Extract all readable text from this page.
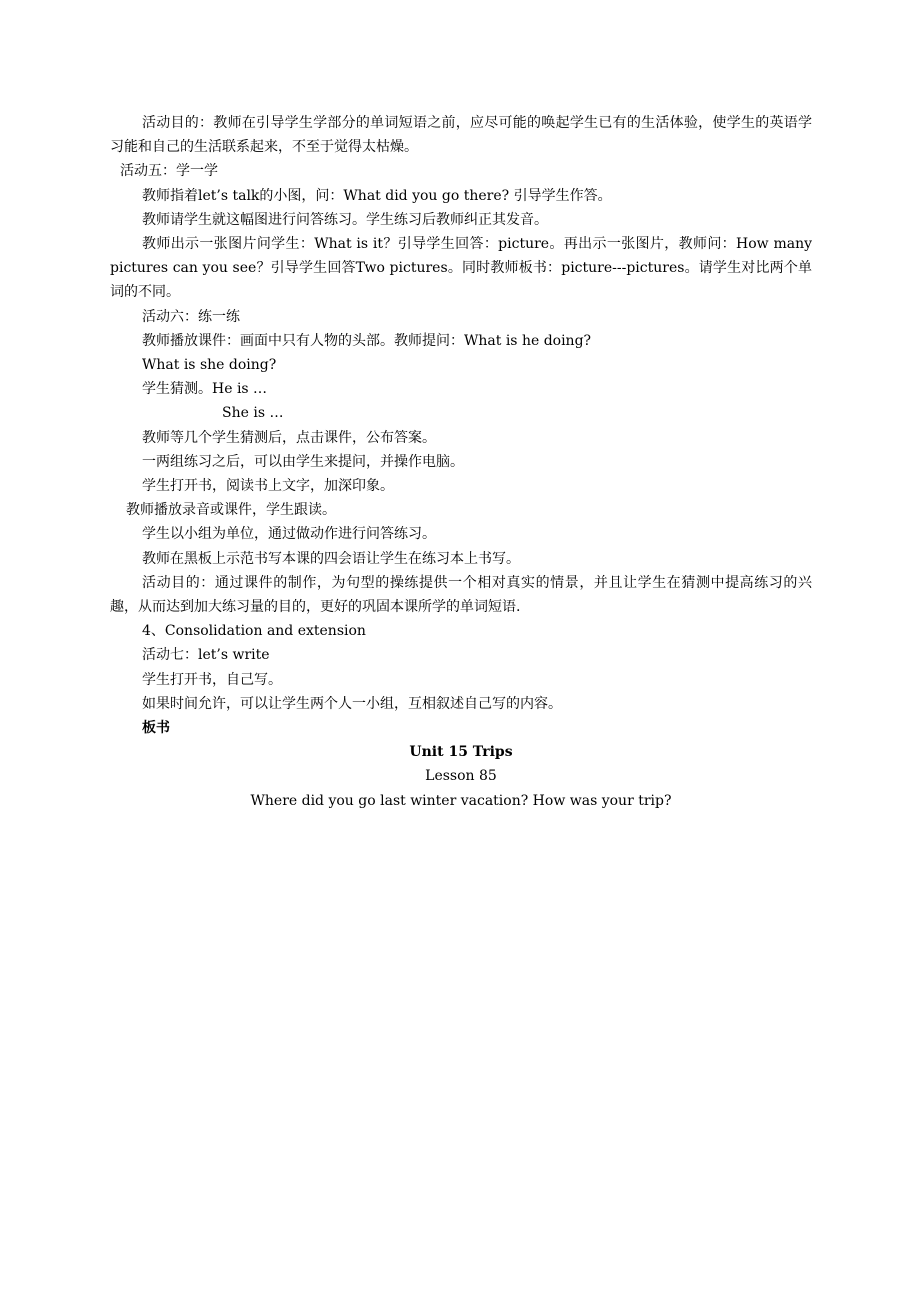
活动目的：教师在引导学生学部分的单词短语之前，应尽可能的唤起学生已有的生活体验，使学生的英语学习能和自己的生活联系起来，不至于觉得太枯燥。

活动五：学一学

教师指着let’s talk的小图，问：What did you go there? 引导学生作答。

教师请学生就这幅图进行问答练习。学生练习后教师纠正其发音。

教师出示一张图片问学生：What is it？引导学生回答：picture。再出示一张图片，教师问：How many pictures can you see？引导学生回答Two pictures。同时教师板书：picture---pictures。请学生对比两个单词的不同。

活动六：练一练

教师播放课件：画面中只有人物的头部。教师提问：What is he doing?

What is she doing?

学生猜测。He is …

She is …

教师等几个学生猜测后，点击课件，公布答案。

一两组练习之后，可以由学生来提问，并操作电脑。

学生打开书，阅读书上文字，加深印象。

教师播放录音或课件，学生跟读。

学生以小组为单位，通过做动作进行问答练习。

教师在黑板上示范书写本课的四会语让学生在练习本上书写。

活动目的：通过课件的制作，为句型的操练提供一个相对真实的情景，并且让学生在猜测中提高练习的兴趣，从而达到加大练习量的目的，更好的巩固本课所学的单词短语.

4、Consolidation and extension

活动七：let’s write

学生打开书，自己写。

如果时间允许，可以让学生两个人一小组，互相叙述自己写的内容。

板书

Unit 15 Trips

Lesson 85

Where did you go last winter vacation? How was your trip?
